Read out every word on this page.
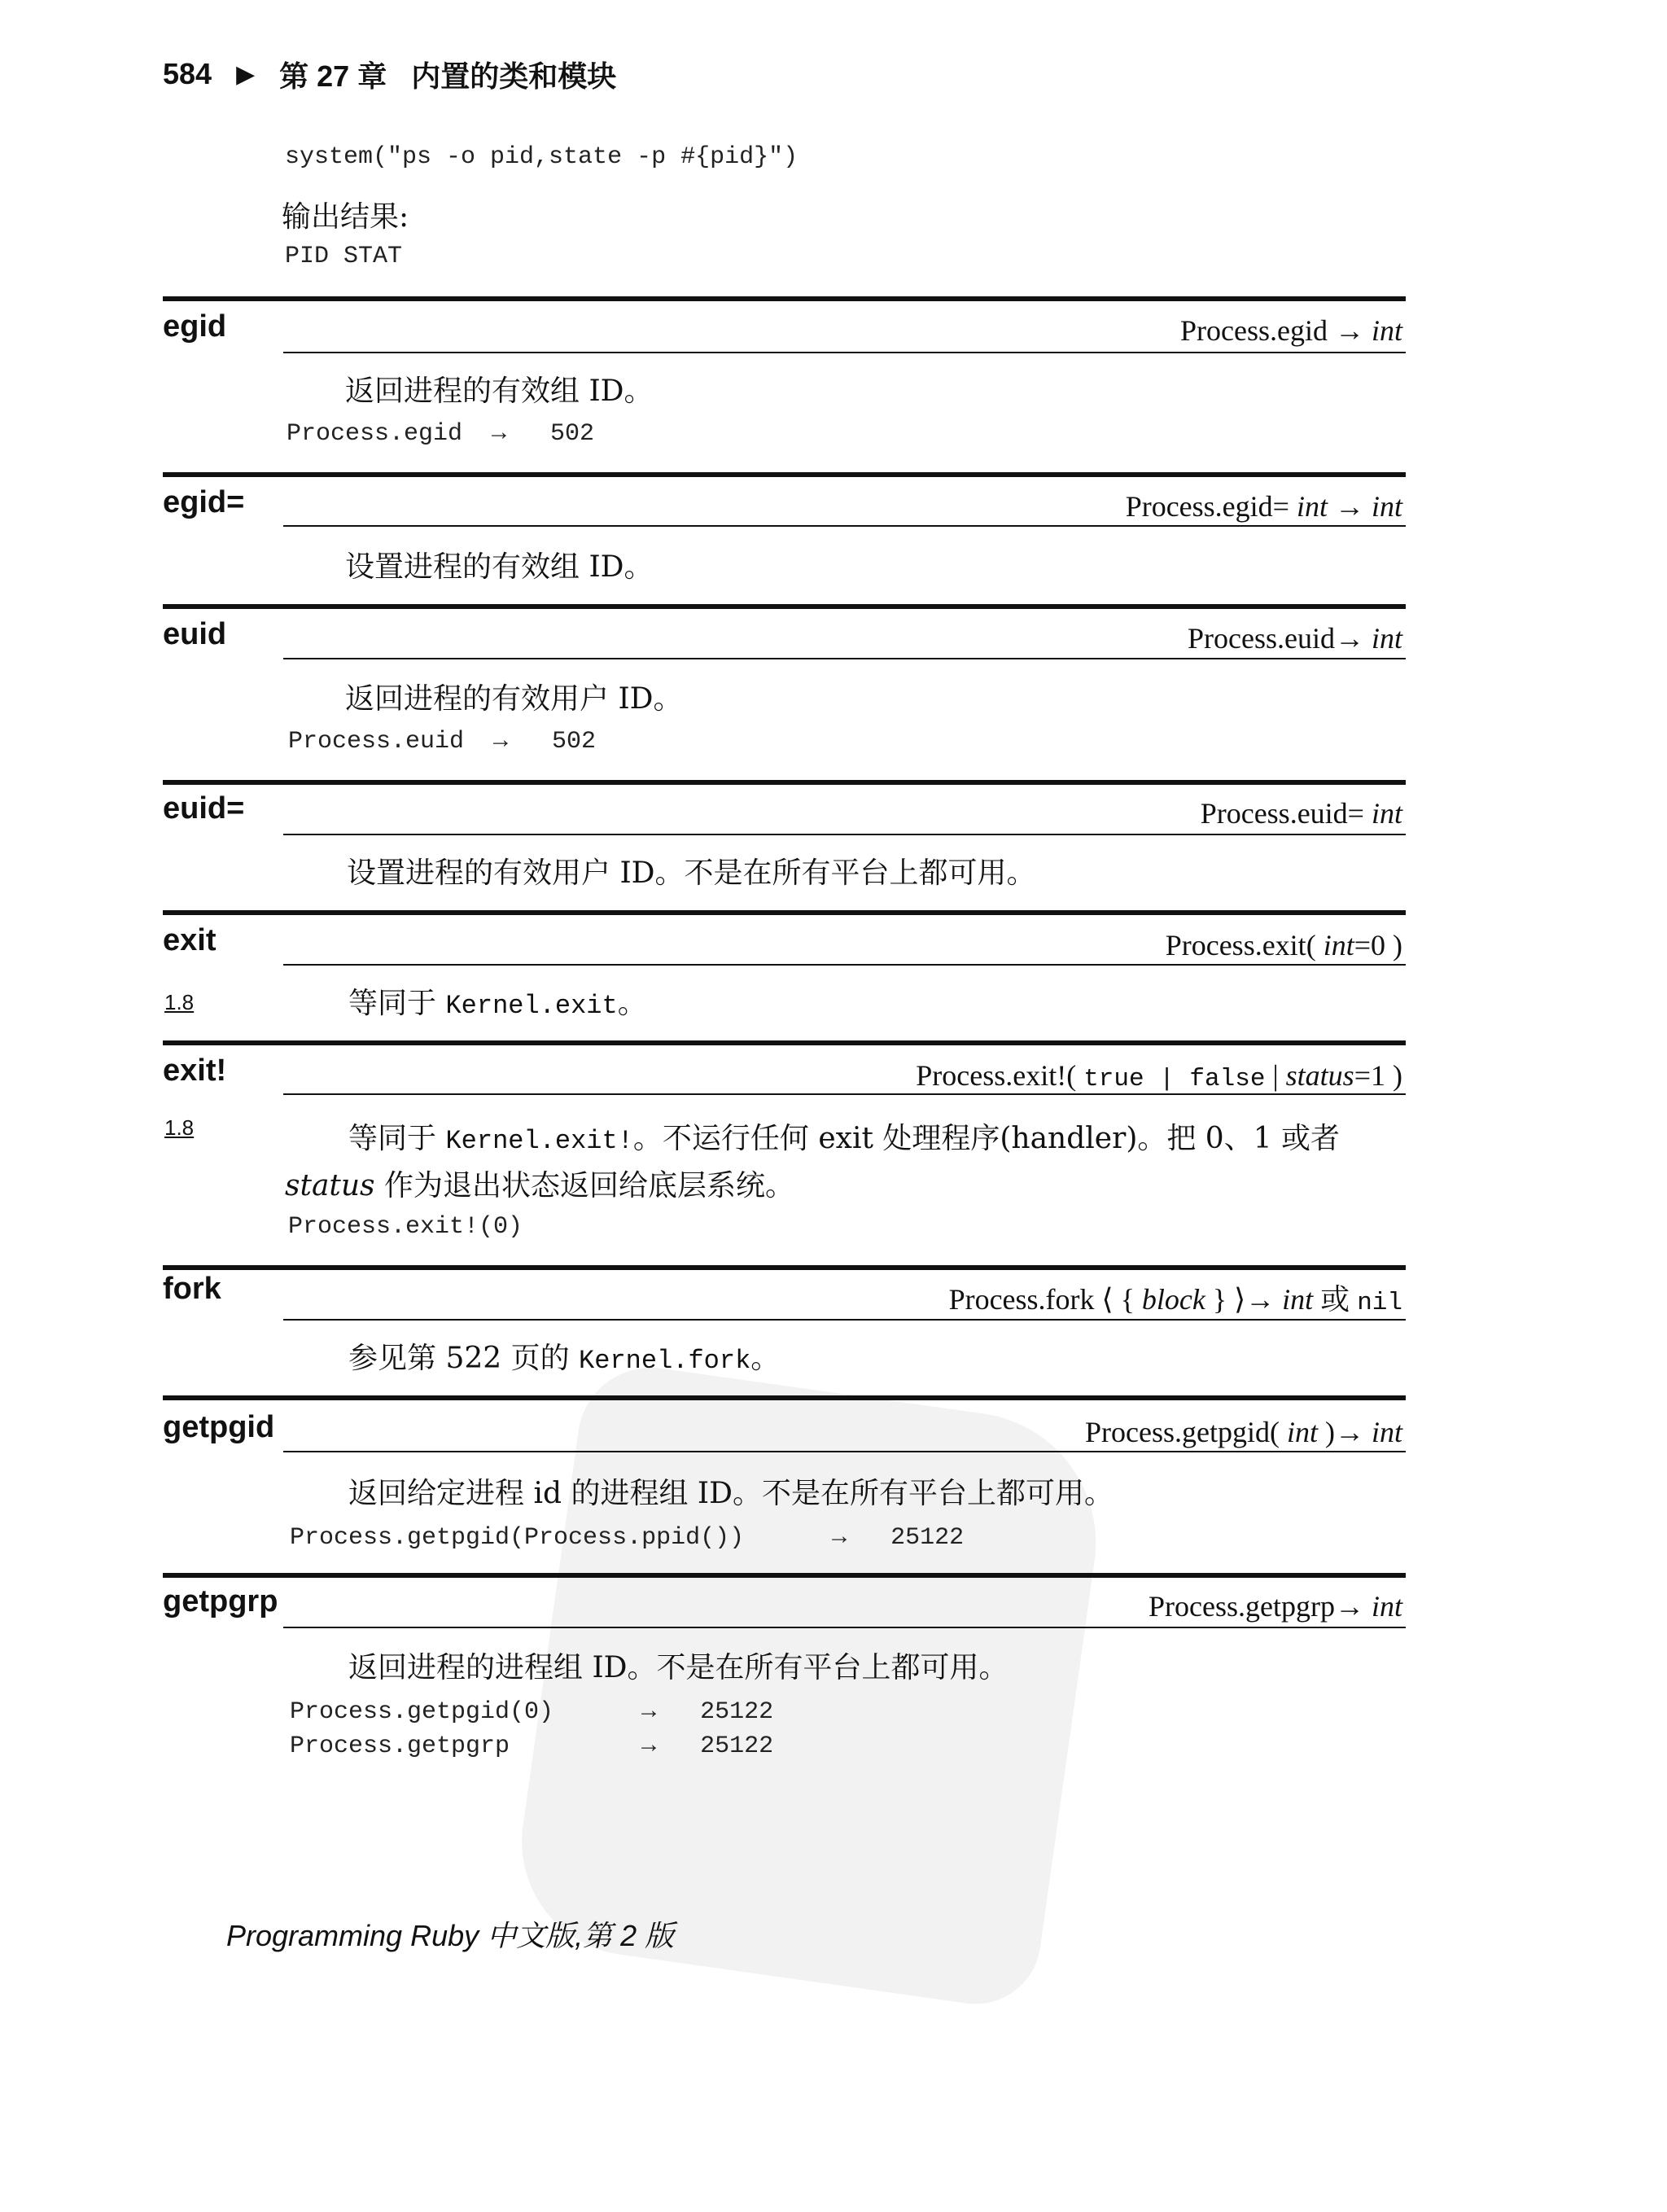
584 ▶ 第 27 章 内置的类和模块
system("ps -o pid,state -p #{pid}")
输出结果:
PID STAT
egid	Process.egid → int
返回进程的有效组 ID。
Process.egid  →   502
egid=	Process.egid= int → int
设置进程的有效组 ID。
euid	Process.euid→ int
返回进程的有效用户 ID。
Process.euid  →   502
euid=	Process.euid= int
设置进程的有效用户 ID。不是在所有平台上都可用。
exit	Process.exit( int=0 )
1.8	等同于 Kernel.exit。
exit!	Process.exit!( true | false | status=1 )
1.8	等同于 Kernel.exit!。不运行任何 exit 处理程序(handler)。把 0、1 或者
status 作为退出状态返回给底层系统。
Process.exit!(0)
fork	Process.fork ⟨ { block } ⟩→ int 或 nil
参见第 522 页的 Kernel.fork。
getpgid	Process.getpgid( int )→ int
返回给定进程 id 的进程组 ID。不是在所有平台上都可用。
Process.getpgid(Process.ppid())      →   25122
getpgrp	Process.getpgrp→ int
返回进程的进程组 ID。不是在所有平台上都可用。
Process.getpgid(0)      →   25122
Process.getpgrp         →   25122
Programming Ruby 中文版,第 2 版
